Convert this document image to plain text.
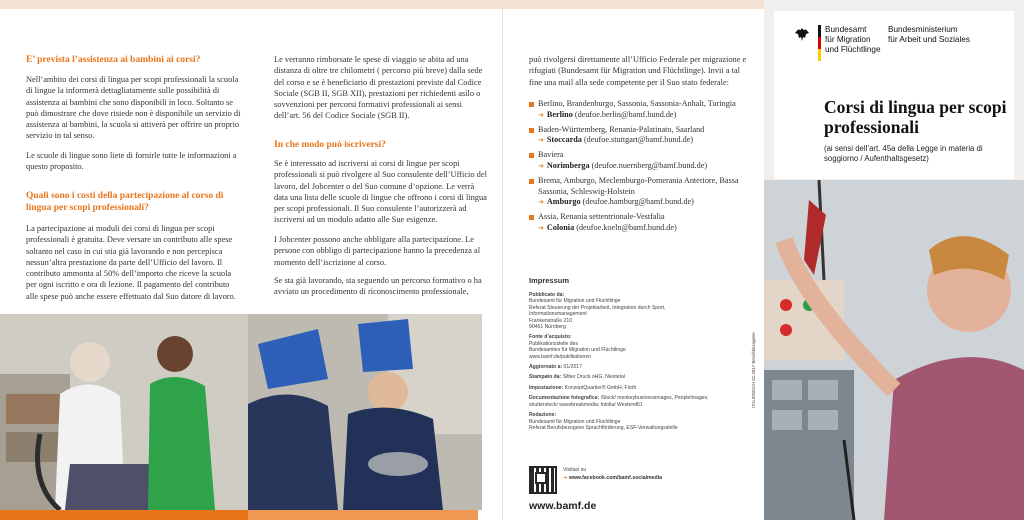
E’ prevista l’assistenza ai bambini ai corsi?

Nell’ambito dei corsi di lingua per scopi professionali la scuola di lingue la informerà dettagliatamente sulle possibilità di assistenza ai bambini che sono disponibili in loco. Soltanto se può dimostrare che dove risiede non è disponibile un servizio di assistenza ai bambini, la scuola si attiverà per offrire un proprio servizio in tal senso.

Le scuole di lingue sono liete di fornirle tutte le informazioni a questo proposito.

Quali sono i costi della partecipazione al corso di lingua per scopi professionali?

La partecipazione ai moduli dei corsi di lingua per scopi professionali è gratuita. Deve versare un contributo alle spese soltanto nel caso in cui stia già lavorando e non percepisca nessun’altra prestazione da parte dell’Ufficio del lavoro. Il contributo ammonta al 50% dell’importo che riceve la scuola per ogni iscritto e ora di lezione. Il pagamento del contributo alle spese può anche essere effettuato dal Suo datore di lavoro.

Le verranno rimborsate le spese di viaggio se abita ad una distanza di oltre tre chilometri ( percorso più breve) dalla sede del corso e se è beneficiario di prestazioni previste dal Codice Sociale (SGB II, SGB XII), prestazioni per richiedenti asilo o sovvenzioni per percorsi formativi professionali ai sensi dell’art. 56 del Codice Sociale (SGB II).

In che modo può iscriversi?

Se è interessato ad iscriversi ai corsi di lingue per scopi professionali si può rivolgere al Suo consulente dell’Ufficio del lavoro, del Jobcenter o del Suo comune d’opzione. Le verrà data una lista delle scuole di lingue che offrono i corsi di lingua per scopi professionali. Il Suo consulente l’autorizzerà ad iscriversi ad un modulo adatto alle Sue esigenze.

I Jobcenter possono anche obbligare alla partecipazione. Le persone con obbligo di partecipazione hanno la precedenza al momento dell’iscrizione al corso.

Se sta già lavorando, sta seguendo un percorso formativo o ha avviato un procedimento di riconoscimento professionale,

può rivolgersi direttamente all’Ufficio Federale per migrazione e rifugiati (Bundesamt für Migration und Flüchtlinge). Invii a tal fine una mail alla sede competente per il Suo stato federale:

Berlino, Brandenburgo, Sassonia, Sassonia-Anhalt, Turingia
➔ Berlino (deufoe.berlin@bamf.bund.de)
Baden-Württemberg, Renania-Palatinato, Saarland
➔ Stoccarda (deufoe.stuttgart@bamf.bund.de)
Baviera
➔ Norimberga (deufoe.nuernberg@bamf.bund.de)
Brema, Amburgo, Meclemburgo-Pomerania Anteriore, Bassa Sassonia, Schleswig-Holstein
➔ Amburgo (deufoe.hamburg@bamf.bund.de)
Assia, Renania settentrionale-Vestfalia
➔ Colonia (deufoe.koeln@bamf.bund.de)
Impressum
Pubblicato da:
Bundesamt für Migration und Flüchtlinge
Referat Steuerung der Projektarbeit, Integration durch Sport,
Informationsmanagement
Frankenstraße 210
90461 Nürnberg
Fonte d’acquisto:
Publikationsstelle des
Bundesamtes für Migration und Flüchtlinge
www.bamf.de/publikationen
Aggiornato a: 01/2017
Stampato da: Silber Druck oHG, Niestetal
Impostazione: KonzeptQuartier® GmbH, Fürth
Documentazione fotografica: iStock/ monkeybusinessimages, PeopleImages; shutterstock/ wavebreakmedia; fotolia/ Westend61
Redazione:
Bundesamt für Migration und Flüchtlinge
Referat Berufsbezogene Sprachförderung, ESF-Verwaltungsstelle
Visitaci su
➔ www.facebook.com/bamf.socialmedia
www.bamf.de
ITALIENISCH 01-2017 Berufsbezogene
Bundesamt
für Migration
und Flüchtlinge
Bundesministerium
für Arbeit und Soziales
Corsi di lingua per scopi professionali
(ai sensi dell’art. 45a della Legge in materia di soggiorno / Aufenthaltsgesetz)
